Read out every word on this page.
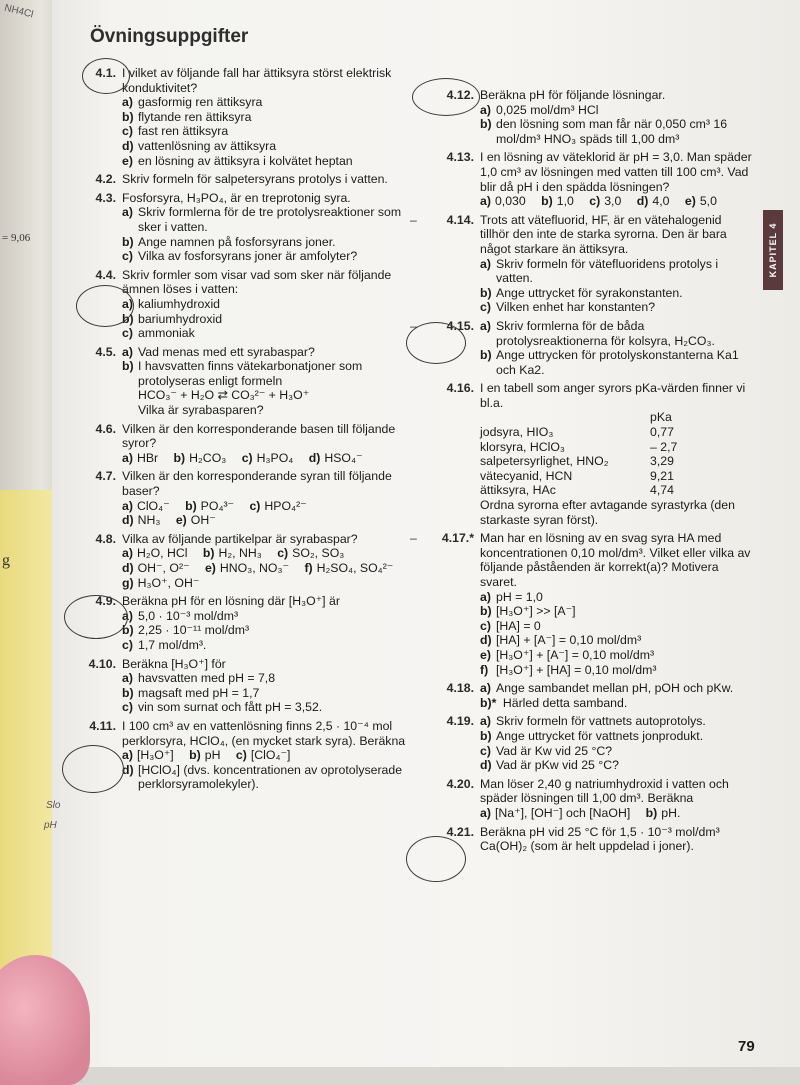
NH4Cl
= 9,06
g
Övningsuppgifter
4.1. I vilket av följande fall har ättiksyra störst elektrisk konduktivitet?
a) gasformig ren ättiksyra
b) flytande ren ättiksyra
c) fast ren ättiksyra
d) vattenlösning av ättiksyra
e) en lösning av ättiksyra i kolvätet heptan
4.2. Skriv formeln för salpetersyrans protolys i vatten.
4.3. Fosforsyra, H₃PO₄, är en treprotonig syra.
a) Skriv formlerna för de tre protolysreaktioner som sker i vatten.
b) Ange namnen på fosforsyrans joner.
c) Vilka av fosforsyrans joner är amfolyter?
4.4. Skriv formler som visar vad som sker när följande ämnen löses i vatten:
a) kaliumhydroxid
b) bariumhydroxid
c) ammoniak
4.5. a) Vad menas med ett syrabaspar?
b) I havsvatten finns vätekarbonatjoner som protolyseras enligt formeln
HCO₃⁻ + H₂O ⇄ CO₃²⁻ + H₃O⁺
Vilka är syrabasparen?
4.6. Vilken är den korresponderande basen till följande syror?
a) HBr b) H₂CO₃ c) H₃PO₄ d) HSO₄⁻
4.7. Vilken är den korresponderande syran till följande baser?
a) ClO₄⁻ b) PO₄³⁻ c) HPO₄²⁻
d) NH₃ e) OH⁻
4.8. Vilka av följande partikelpar är syrabaspar?
a) H₂O, HCl b) H₂, NH₃ c) SO₂, SO₃
d) OH⁻, O²⁻ e) HNO₃, NO₃⁻ f) H₂SO₄, SO₄²⁻
g) H₃O⁺, OH⁻
4.9. Beräkna pH för en lösning där [H₃O⁺] är
a) 5,0 · 10⁻³ mol/dm³
b) 2,25 · 10⁻¹¹ mol/dm³
c) 1,7 mol/dm³.
4.10. Beräkna [H₃O⁺] för
a) havsvatten med pH = 7,8
b) magsaft med pH = 1,7
c) vin som surnat och fått pH = 3,52.
4.11. I 100 cm³ av en vattenlösning finns 2,5 · 10⁻⁴ mol perklorsyra, HClO₄, (en mycket stark syra). Beräkna
a) [H₃O⁺] b) pH c) [ClO₄⁻]
d) [HClO₄] (dvs. koncentrationen av oprotolyserade perklorsyramolekyler).
4.12. Beräkna pH för följande lösningar.
a) 0,025 mol/dm³ HCl
b) den lösning som man får när 0,050 cm³ 16 mol/dm³ HNO₃ späds till 1,00 dm³
4.13. I en lösning av väteklorid är pH = 3,0. Man späder 1,0 cm³ av lösningen med vatten till 100 cm³. Vad blir då pH i den spädda lösningen?
a) 0,030 b) 1,0 c) 3,0 d) 4,0 e) 5,0
–	4.14. Trots att vätefluorid, HF, är en vätehalogenid tillhör den inte de starka syrorna. Den är bara något starkare än ättiksyra.
a) Skriv formeln för vätefluoridens protolys i vatten.
b) Ange uttrycket för syrakonstanten.
c) Vilken enhet har konstanten?
–	4.15. a) Skriv formlerna för de båda protolysreaktionerna för kolsyra, H₂CO₃.
b) Ange uttrycken för protolyskonstanterna Ka1 och Ka2.
4.16. I en tabell som anger syrors pKa-värden finner vi bl.a.
pKa
jodsyra, HIO₃	0,77
klorsyra, HClO₃	– 2,7
salpetersyrlighet, HNO₂	3,29
vätecyanid, HCN	9,21
ättiksyra, HAc	4,74
Ordna syrorna efter avtagande syrastyrka (den starkaste syran först).
–	4.17.* Man har en lösning av en svag syra HA med koncentrationen 0,10 mol/dm³. Vilket eller vilka av följande påståenden är korrekt(a)? Motivera svaret.
a) pH = 1,0
b) [H₃O⁺] >> [A⁻]
c) [HA] = 0
d) [HA] + [A⁻] = 0,10 mol/dm³
e) [H₃O⁺] + [A⁻] = 0,10 mol/dm³
f) [H₃O⁺] + [HA] = 0,10 mol/dm³
4.18. a) Ange sambandet mellan pH, pOH och pKw.
b)* Härled detta samband.
4.19. a) Skriv formeln för vattnets autoprotolys.
b) Ange uttrycket för vattnets jonprodukt.
c) Vad är Kw vid 25 °C?
d) Vad är pKw vid 25 °C?
4.20. Man löser 2,40 g natriumhydroxid i vatten och späder lösningen till 1,00 dm³. Beräkna
a) [Na⁺], [OH⁻] och [NaOH] b) pH.
4.21. Beräkna pH vid 25 °C för 1,5 · 10⁻³ mol/dm³ Ca(OH)₂ (som är helt uppdelad i joner).
Slo
pH
KAPITEL 4
79
